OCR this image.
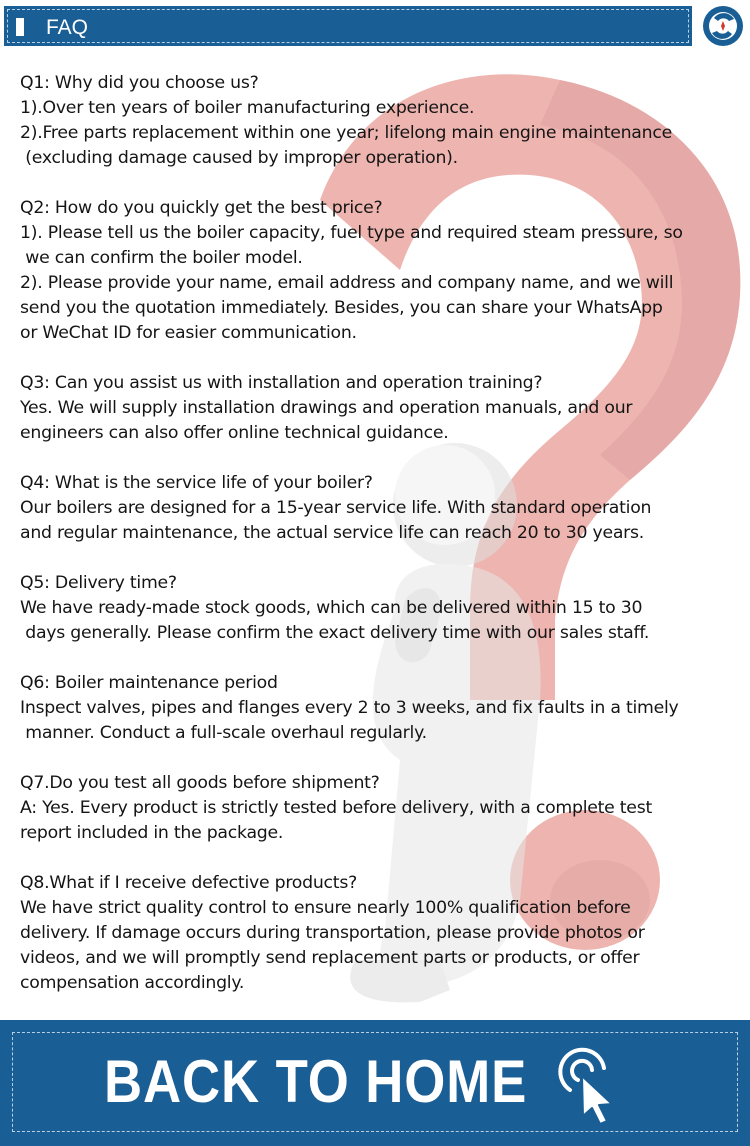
FAQ

Q1: Why did you choose us?

1).Over ten years of boiler manufacturing experience.
2).Free parts replacement within one year; lifelong main engine maintenance
(excluding damage caused by improper operation).

Q2: How do you quickly get the best price?

1). Please tell us the boiler capacity, fuel type and required steam pressure, so
we can confirm the boiler model.
2). Please provide your name, email address and company name, and we will
send you the quotation immediately. Besides, you can share your WhatsApp
or WeChat ID for easier communication.

Q3: Can you assist us with installation and operation training?

Yes. We will supply installation drawings and operation manuals, and our
engineers can also offer online technical guidance.

Q4: What is the service life of your boiler?

Our boilers are designed for a 15-year service life. With standard operation
and regular maintenance, the actual service life can reach 20 to 30 years.

Q5: Delivery time?

We have ready-made stock goods, which can be delivered within 15 to 30
days generally. Please confirm the exact delivery time with our sales staff.

Q6: Boiler maintenance period

Inspect valves, pipes and flanges every 2 to 3 weeks, and fix faults in a timely
manner. Conduct a full-scale overhaul regularly.

Q7.Do you test all goods before shipment?

A: Yes. Every product is strictly tested before delivery, with a complete test
report included in the package.

Q8.What if I receive defective products?

We have strict quality control to ensure nearly 100% qualification before
delivery. If damage occurs during transportation, please provide photos or
videos, and we will promptly send replacement parts or products, or offer
compensation accordingly.

BACK TO HOME
